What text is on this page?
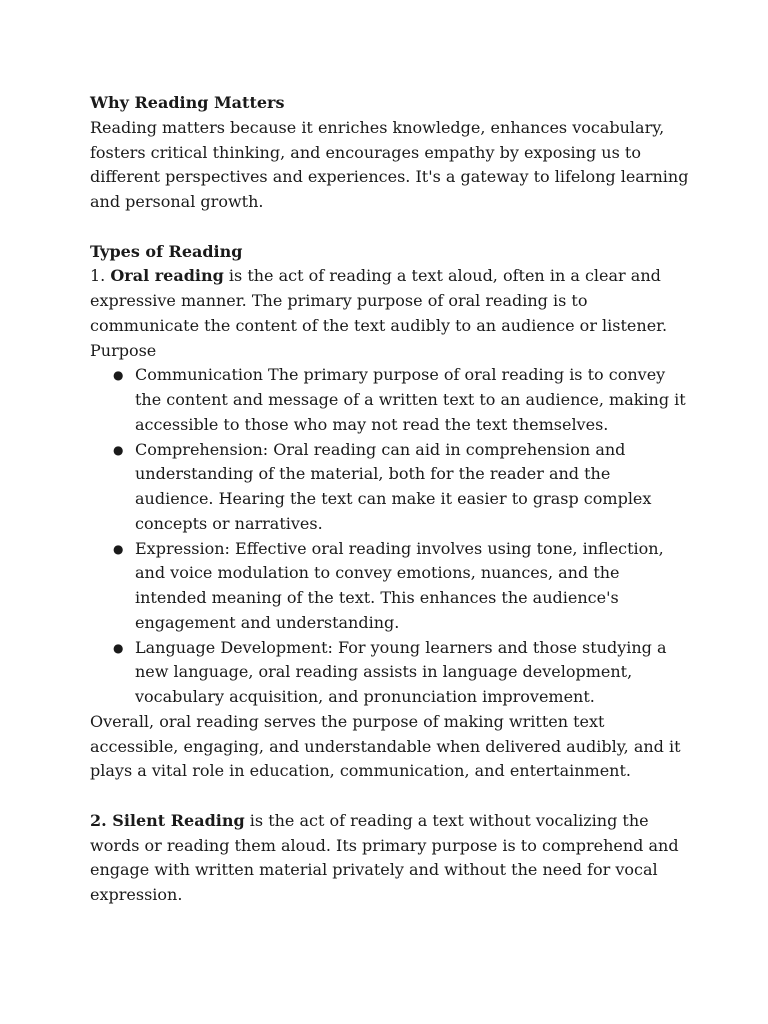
Why Reading Matters

Reading matters because it enriches knowledge, enhances vocabulary, fosters critical thinking, and encourages empathy by exposing us to different perspectives and experiences. It's a gateway to lifelong learning and personal growth.

Types of Reading

1. Oral reading is the act of reading a text aloud, often in a clear and expressive manner. The primary purpose of oral reading is to communicate the content of the text audibly to an audience or listener.

Purpose

● Communication The primary purpose of oral reading is to convey the content and message of a written text to an audience, making it accessible to those who may not read the text themselves.
● Comprehension: Oral reading can aid in comprehension and understanding of the material, both for the reader and the audience. Hearing the text can make it easier to grasp complex concepts or narratives.
● Expression: Effective oral reading involves using tone, inflection, and voice modulation to convey emotions, nuances, and the intended meaning of the text. This enhances the audience's engagement and understanding.
● Language Development: For young learners and those studying a new language, oral reading assists in language development, vocabulary acquisition, and pronunciation improvement.

Overall, oral reading serves the purpose of making written text accessible, engaging, and understandable when delivered audibly, and it plays a vital role in education, communication, and entertainment.

2. Silent Reading is the act of reading a text without vocalizing the words or reading them aloud. Its primary purpose is to comprehend and engage with written material privately and without the need for vocal expression.
